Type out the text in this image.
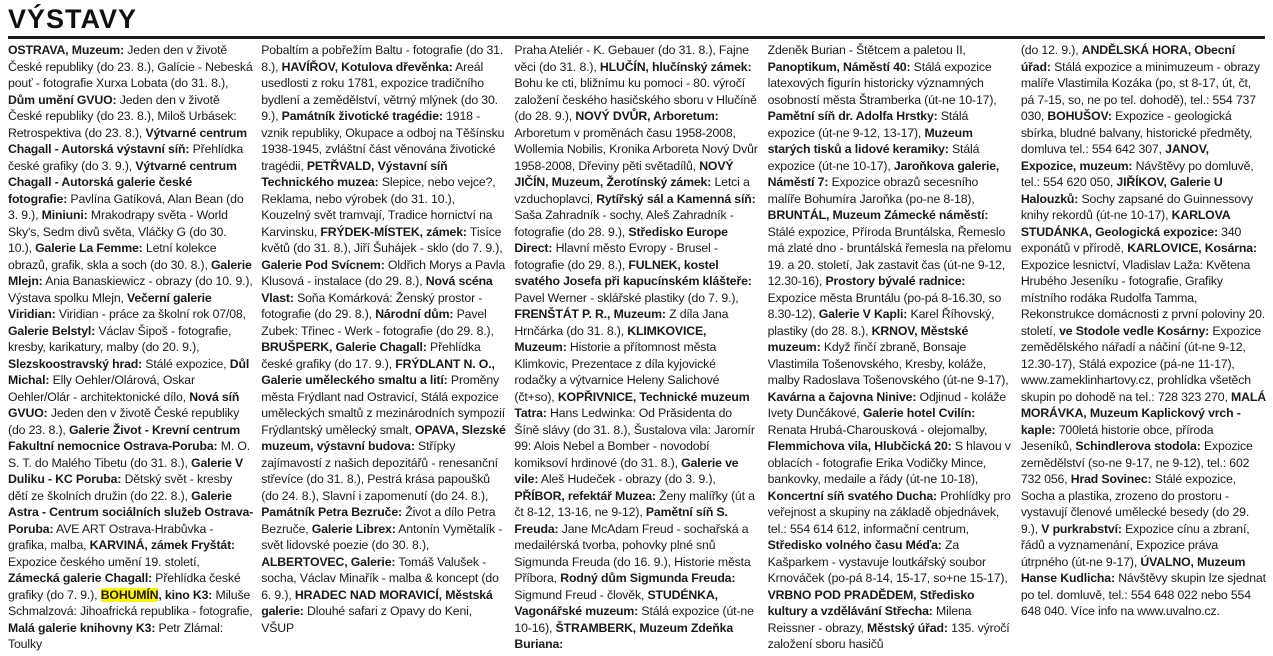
VÝSTAVY
OSTRAVA, Muzeum: Jeden den v životě České republiky (do 23. 8.), Galície - Nebeská pouť - fotografie Xurxa Lobata (do 31. 8.), Dům umění GVUO: Jeden den v životě České republiky (do 23. 8.), Miloš Urbásek: Retrospektiva (do 23. 8.), Výtvarné centrum Chagall - Autorská výstavní síň: Přehlídka české grafiky (do 3. 9.), Výtvarné centrum Chagall - Autorská galerie české fotografie: Pavlína Gatíková, Alan Bean (do 3. 9.), Miniuni: Mrakodrapy světa - World Sky's, Sedm divů světa, Vláčky G (do 30. 10.), Galerie La Femme: Letní kolekce obrazů, grafik, skla a soch (do 30. 8.), Galerie Mlejn: Ania Banaskiewicz - obrazy (do 10. 9.), Výstava spolku Mlejn, Večerní galerie Viridian: Viridian - práce za školní rok 07/08, Galerie Belstyl: Václav Šipoš - fotografie, kresby, karikatury, malby (do 20. 9.), Slezskoostravský hrad: Stálé expozice, Důl Michal: Elly Oehler/Olárová, Oskar Oehler/Olár - architektonické dílo, Nová síň GVUO: Jeden den v životě České republiky (do 23. 8.), Galerie Život - Krevní centrum Fakultní nemocnice Ostrava-Poruba: M. O. S. T. do Malého Tibetu (do 31. 8.), Galerie V Duliku - KC Poruba: Dětský svět - kresby dětí ze školních družin (do 22. 8.), Galerie Astra - Centrum sociálních služeb Ostrava-Poruba: AVE ART Ostrava-Hrabůvka - grafika, malba, KARVINÁ, zámek Fryštát: Expozice českého umění 19. století, Zámecká galerie Chagall: Přehlídka české grafiky (do 7. 9.), BOHUMÍN, kino K3: Miluše Schmalzová: Jihoafrická republika - fotografie, Malá galerie knihovny K3: Petr Zlámal: Toulky
Pobaltím a pobřežím Baltu - fotografie (do 31. 8.), HAVÍŘOV, Kotulova dřevěnka: Areál usedlosti z roku 1781, expozice tradičního bydlení a zemědělství, větrný mlýnek (do 30. 9.), Památník životické tragédie: 1918 - vznik republiky, Okupace a odboj na Těšínsku 1938-1945, zvláštní část věnována životické tragédii, PETŘVALD, Výstavní síň Technického muzea: Slepice, nebo vejce?, Reklama, nebo výrobek (do 31. 10.), Kouzelný svět tramvají, Tradice hornictví na Karvinsku, FRÝDEK-MÍSTEK, zámek: Tisíce květů (do 31. 8.), Jiří Šuhájek - sklo (do 7. 9.), Galerie Pod Svícnem: Oldřich Morys a Pavla Klusová - instalace (do 29. 8.), Nová scéna Vlast: Soňa Komárková: Ženský prostor - fotografie (do 29. 8.), Národní dům: Pavel Zubek: Třinec - Werk - fotografie (do 29. 8.), BRUŠPERK, Galerie Chagall: Přehlídka české grafiky (do 17. 9.), FRÝDLANT N. O., Galerie uměleckého smaltu a lití: Proměny města Frýdlant nad Ostravicí, Stálá expozice uměleckých smaltů z mezinárodních sympozií Frýdlantský umělecký smalt, OPAVA, Slezské muzeum, výstavní budova: Střípky zajímavostí z našich depozitářů - renesanční střevíce (do 31. 8.), Pestrá krása papoušků (do 24. 8.), Slavní i zapomenutí (do 24. 8.), Památník Petra Bezruče: Život a dílo Petra Bezruče, Galerie Librex: Antonín Vymětalík - svět lidovské poezie (do 30. 8.), ALBERTOVEC, Galerie: Tomáš Valušek - socha, Václav Minařík - malba & koncept (do 6. 9.), HRADEC NAD MORAVICÍ, Městská galerie: Dlouhé safari z Opavy do Keni, VŠUP
Praha Ateliér - K. Gebauer (do 31. 8.), Fajne věci (do 31. 8.), HLUČÍN, hlučínský zámek: Bohu ke cti, bližnímu ku pomoci - 80. výročí založení českého hasičského sboru v Hlučíně (do 28. 9.), NOVÝ DVŮR, Arboretum: Arboretum v proměnách času 1958-2008, Wollemia Nobilis, Kronika Arboreta Nový Dvůr 1958-2008, Dřeviny pěti světadílů, NOVÝ JIČÍN, Muzeum, Žerotínský zámek: Letci a vzduchoplavci, Rytířský sál a Kamenná síň: Saša Zahradník - sochy, Aleš Zahradník - fotografie (do 28. 9.), Středisko Europe Direct: Hlavní město Evropy - Brusel - fotografie (do 29. 8.), FULNEK, kostel svatého Josefa při kapucínském klášteře: Pavel Werner - sklářské plastiky (do 7. 9.), FRENŠTÁT P. R., Muzeum: Z díla Jana Hrnčárka (do 31. 8.), KLIMKOVICE, Muzeum: Historie a přítomnost města Klimkovic, Prezentace z díla kyjovické rodačky a výtvarnice Heleny Salichové (čt+so), KOPŘIVNICE, Technické muzeum Tatra: Hans Ledwinka: Od Prăsidenta do Šíně slávy (do 31. 8.), Šustalova vila: Jaromír 99: Alois Nebel a Bomber - novodobí komiksoví hrdinové (do 31. 8.), Galerie ve vile: Aleš Hudeček - obrazy (do 3. 9.), PŘÍBOR, refektář Muzea: Ženy malířky (út a čt 8-12, 13-16, ne 9-12), Pamětní síň S. Freuda: Jane McAdam Freud - sochařská a medailérská tvorba, pohovky plné snů Sigmunda Freuda (do 16. 9.), Historie města Příbora, Rodný dům Sigmunda Freuda: Sigmund Freud - člověk, STUDÉNKA, Vagonářské muzeum: Stálá expozice (út-ne 10-16), ŠTRAMBERK, Muzeum Zdeňka Buriana:
Zdeněk Burian - Štětcem a paletou II, Panoptikum, Náměstí 40: Stálá expozice latexových figurín historicky významných osobností města Štramberka (út-ne 10-17), Pamětní síň dr. Adolfa Hrstky: Stálá expozice (út-ne 9-12, 13-17), Muzeum starých tisků a lidové keramiky: Stálá expozice (út-ne 10-17), Jaroňkova galerie, Náměstí 7: Expozice obrazů secesního malíře Bohumíra Jaroňka (po-ne 8-18), BRUNTÁL, Muzeum Zámecké náměstí: Stálé expozice, Příroda Bruntálska, Řemeslo má zlaté dno - bruntálská řemesla na přelomu 19. a 20. století, Jak zastavit čas (út-ne 9-12, 12.30-16), Prostory bývalé radnice: Expozice města Bruntálu (po-pá 8-16.30, so 8.30-12), Galerie V Kapli: Karel Říhovský, plastiky (do 28. 8.), KRNOV, Městské muzeum: Když řinčí zbraně, Bonsaje Vlastimila Tošenovského, Kresby, koláže, malby Radoslava Tošenovského (út-ne 9-17), Kavárna a čajovna Ninive: Odjinud - koláže Ivety Dunčákové, Galerie hotel Cvilín: Renata Hrubá-Charousková - olejomalby, Flemmichova vila, Hlubčická 20: S hlavou v oblacích - fotografie Erika Vodičky Mince, bankovky, medaile a řády (út-ne 10-18), Koncertní síň svatého Ducha: Prohlídky pro veřejnost a skupiny na základě objednávek, tel.: 554 614 612, informační centrum, Středisko volného času Méďa: Za Kašparkem - vystavuje loutkářský soubor Krnováček (po-pá 8-14, 15-17, so+ne 15-17), VRBNO POD PRADĚDEM, Středisko kultury a vzdělávání Střecha: Milena Reissner - obrazy, Městský úřad: 135. výročí založení sboru hasičů
(do 12. 9.), ANDĚLSKÁ HORA, Obecní úřad: Stálá expozice a minimuzeum - obrazy malíře Vlastimila Kozáka (po, st 8-17, út, čt, pá 7-15, so, ne po tel. dohodě), tel.: 554 737 030, BOHUŠOV: Expozice - geologická sbírka, bludné balvany, historické předměty, domluva tel.: 554 642 307, JANOV, Expozice, muzeum: Návštěvy po domluvě, tel.: 554 620 050, JIŘÍKOV, Galerie U Halouzků: Sochy zapsané do Guinnessovy knihy rekordů (út-ne 10-17), KARLOVA STUDÁNKA, Geologická expozice: 340 exponátů v přírodě, KARLOVICE, Kosárna: Expozice lesnictví, Vladislav Laža: Květena Hrubého Jeseníku - fotografie, Grafiky místního rodáka Rudolfa Tamma, Rekonstrukce domácnosti z první poloviny 20. století, ve Stodole vedle Kosárny: Expozice zemědělského nářadí a náčiní (út-ne 9-12, 12.30-17), Stálá expozice (pá-ne 11-17), www.zameklinhartovy.cz, prohlídka všetěch skupin po dohodě na tel.: 728 323 270, MALÁ MORÁVKA, Muzeum Kaplickový vrch - kaple: 700letá historie obce, příroda Jeseníků, Schindlerova stodola: Expozice zemědělství (so-ne 9-17, ne 9-12), tel.: 602 732 056, Hrad Sovinec: Stálé expozice, Socha a plastika, zrozeno do prostoru - vystavují členové umělecké besedy (do 29. 9.), V purkrabství: Expozice cínu a zbraní, řádů a vyznamenání, Expozice práva útrpného (út-ne 9-17), ÚVALNO, Muzeum Hanse Kudlicha: Návštěvy skupin lze sjednat po tel. domluvě, tel.: 554 648 022 nebo 554 648 040. Více info na www.uvalno.cz.
